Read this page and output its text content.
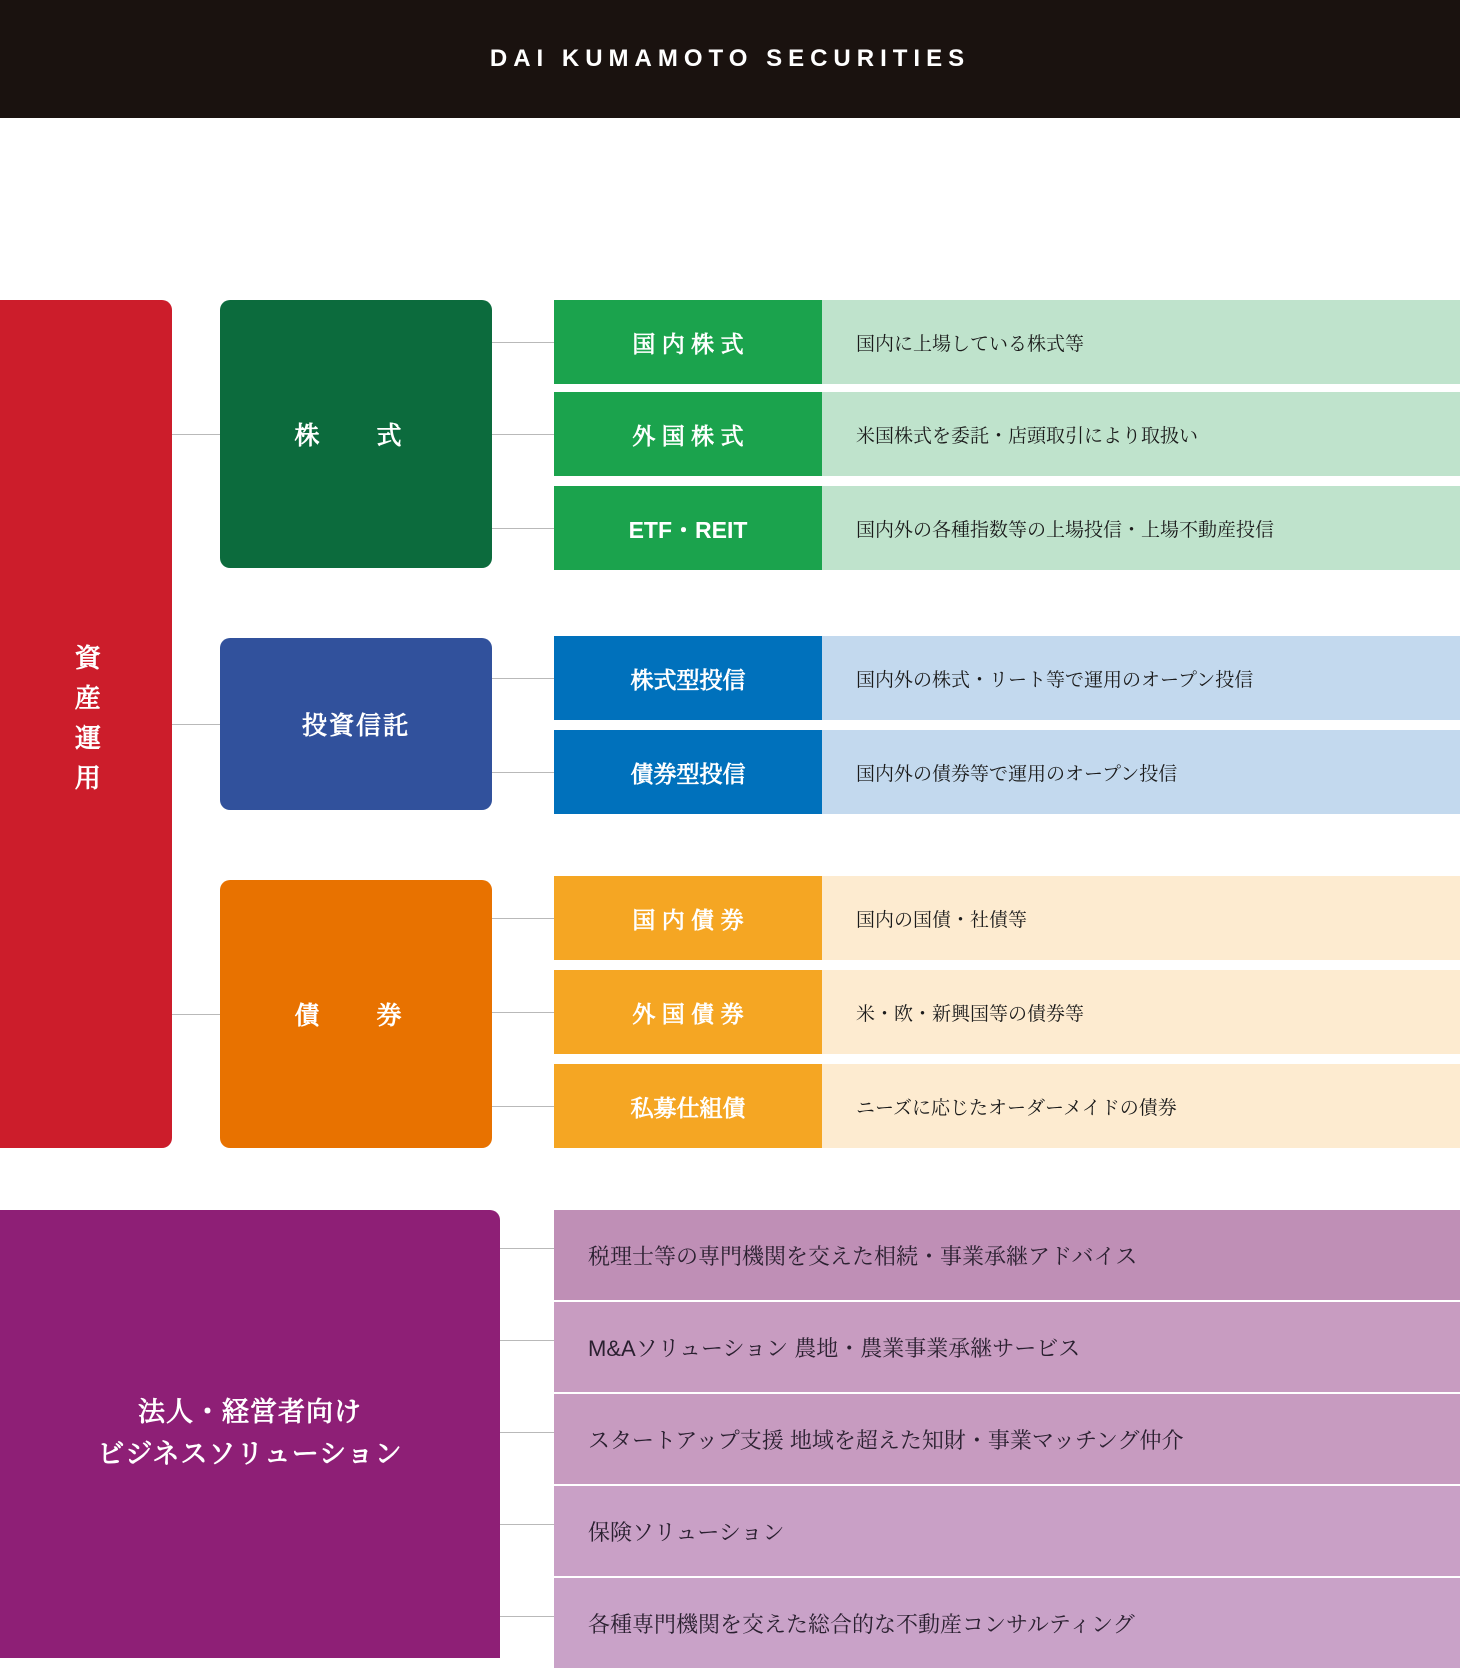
DAI KUMAMOTO SECURITIES
資産運用
株　式
投資信託
債　券
国 内 株 式	国内に上場している株式等
外 国 株 式	米国株式を委託・店頭取引により取扱い
ETF・REIT	国内外の各種指数等の上場投信・上場不動産投信
株式型投信	国内外の株式・リート等で運用のオープン投信
債券型投信	国内外の債券等で運用のオープン投信
国 内 債 券	国内の国債・社債等
外 国 債 券	米・欧・新興国等の債券等
私募仕組債	ニーズに応じたオーダーメイドの債券
法人・経営者向け
ビジネスソリューション
税理士等の専門機関を交えた相続・事業承継アドバイス
M&Aソリューション 農地・農業事業承継サービス
スタートアップ支援 地域を超えた知財・事業マッチング仲介
保険ソリューション
各種専門機関を交えた総合的な不動産コンサルティング
